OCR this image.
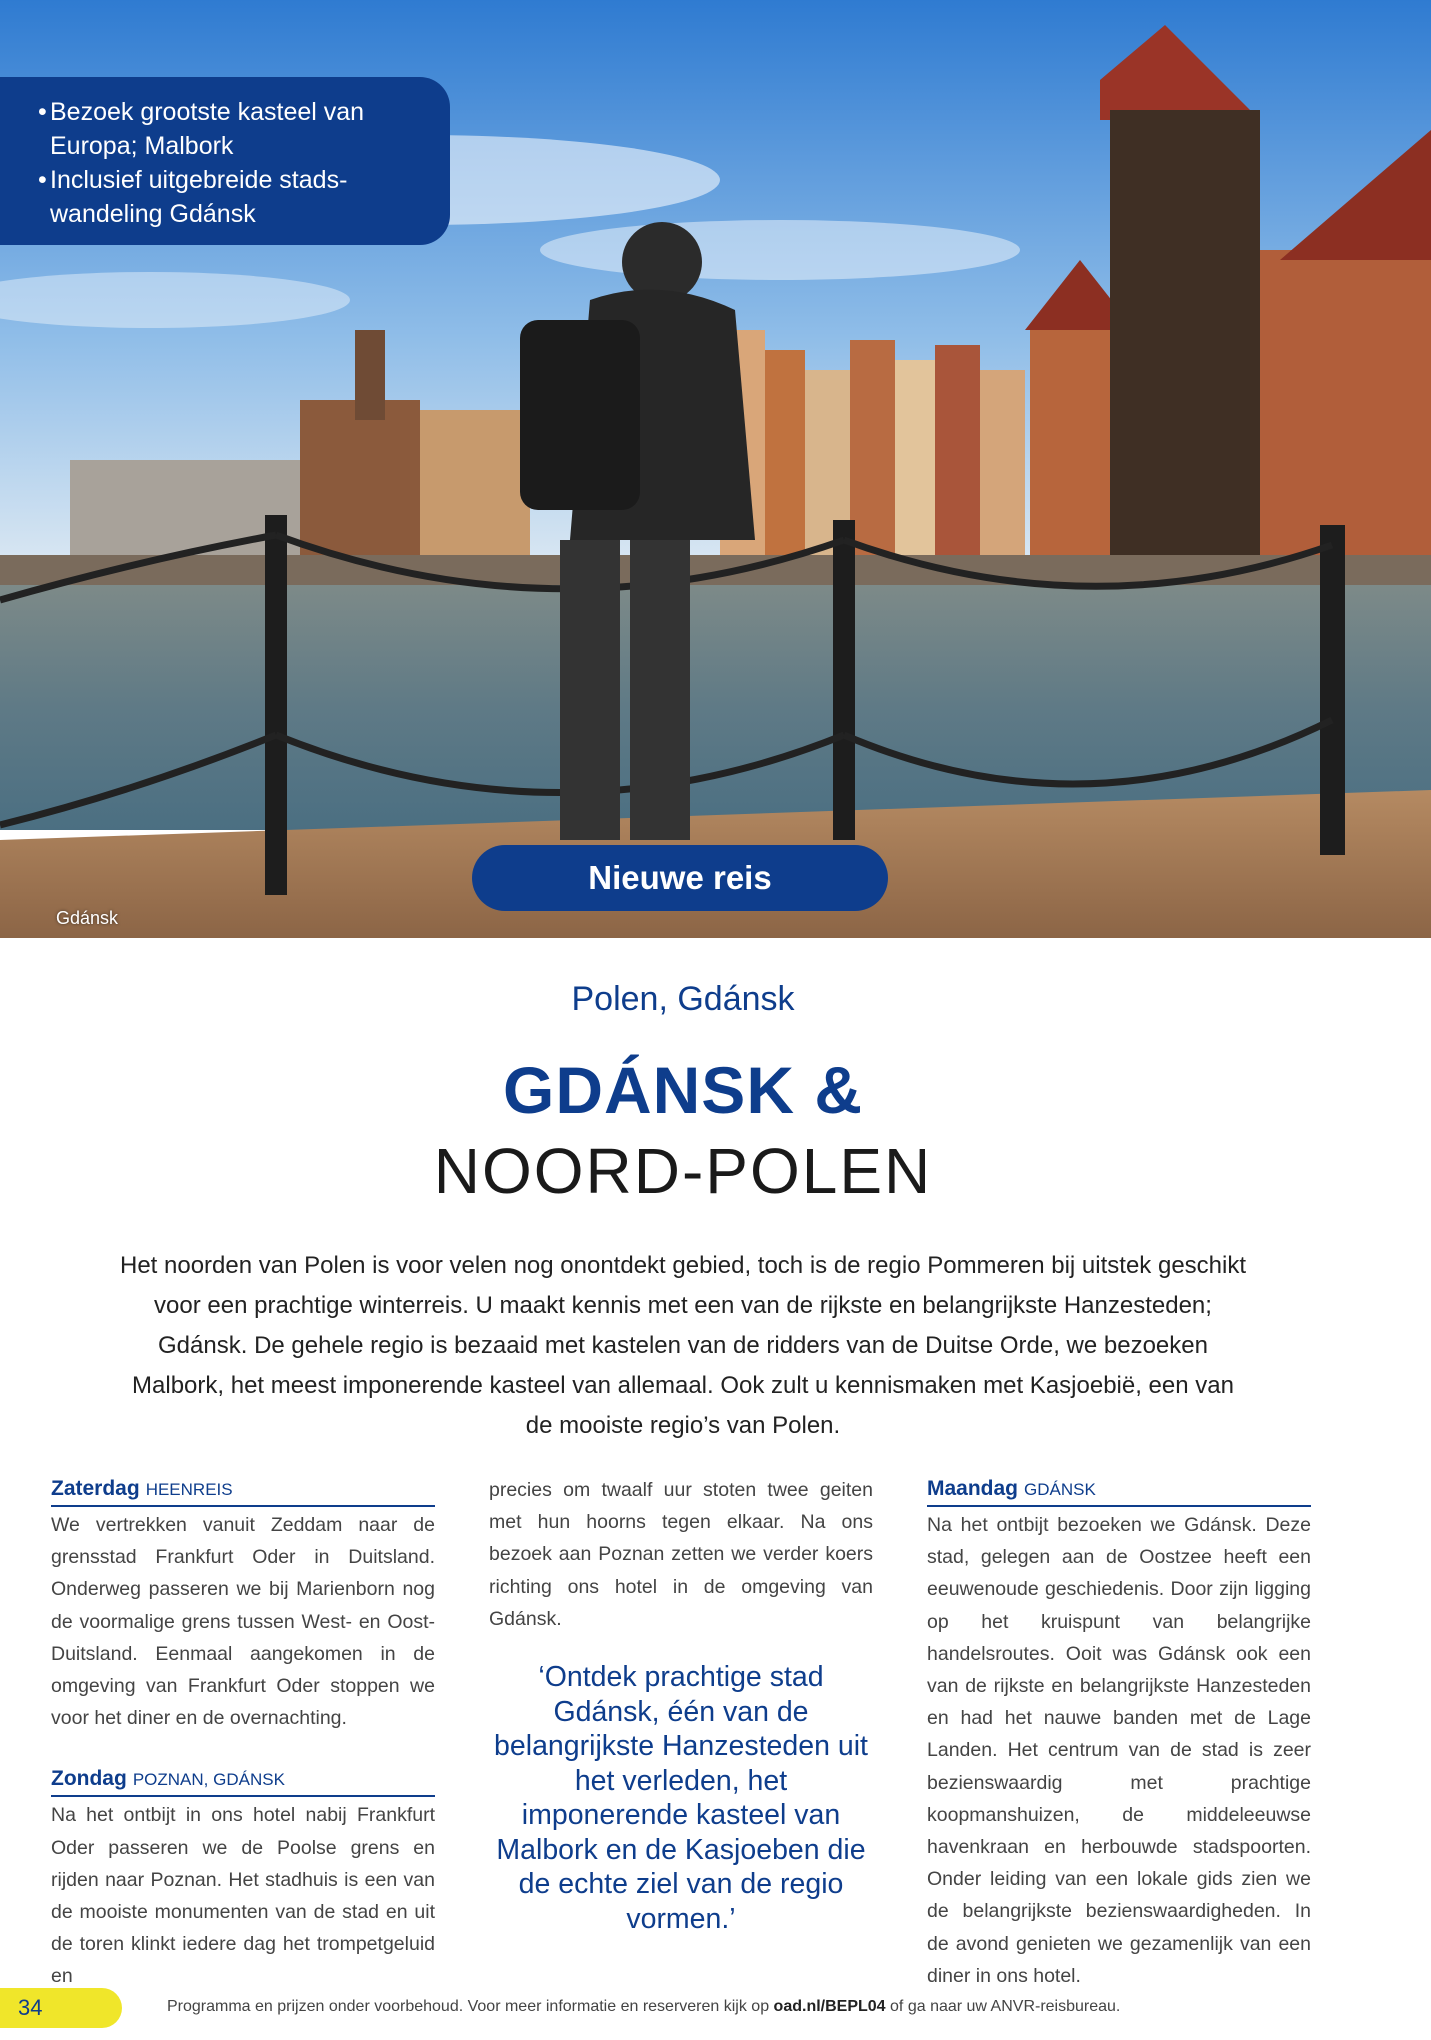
• Bezoek grootste kasteel van Europa; Malbork
• Inclusief uitgebreide stadswandeling Gdánsk
Nieuwe reis
Gdánsk
Polen, Gdánsk
GDÁNSK &
NOORD-POLEN
Het noorden van Polen is voor velen nog onontdekt gebied, toch is de regio Pommeren bij uitstek geschikt voor een prachtige winterreis. U maakt kennis met een van de rijkste en belangrijkste Hanzesteden; Gdánsk. De gehele regio is bezaaid met kastelen van de ridders van de Duitse Orde, we bezoeken Malbork, het meest imponerende kasteel van allemaal. Ook zult u kennismaken met Kasjoebië, een van de mooiste regio’s van Polen.
Zaterdag HEENREIS

We vertrekken vanuit Zeddam naar de grensstad Frankfurt Oder in Duitsland. Onderweg passeren we bij Marienborn nog de voormalige grens tussen West- en Oost-Duitsland. Eenmaal aangekomen in de omgeving van Frankfurt Oder stoppen we voor het diner en de overnachting.

Zondag POZNAN, GDÁNSK

Na het ontbijt in ons hotel nabij Frankfurt Oder passeren we de Poolse grens en rijden naar Poznan. Het stadhuis is een van de mooiste monumenten van de stad en uit de toren klinkt iedere dag het trompetgeluid en

precies om twaalf uur stoten twee geiten met hun hoorns tegen elkaar. Na ons bezoek aan Poznan zetten we verder koers richting ons hotel in de omgeving van Gdánsk.

‘Ontdek prachtige stad Gdánsk, één van de belangrijkste Hanzesteden uit het verleden, het imponerende kasteel van Malbork en de Kasjoeben die de echte ziel van de regio vormen.’
Maandag GDÁNSK

Na het ontbijt bezoeken we Gdánsk. Deze stad, gelegen aan de Oostzee heeft een eeuwenoude geschiedenis. Door zijn ligging op het kruispunt van belangrijke handelsroutes. Ooit was Gdánsk ook een van de rijkste en belangrijkste Hanzesteden en had het nauwe banden met de Lage Landen. Het centrum van de stad is zeer bezienswaardig met prachtige koopmanshuizen, de middeleeuwse havenkraan en herbouwde stadspoorten. Onder leiding van een lokale gids zien we de belangrijkste bezienswaardigheden. In de avond genieten we gezamenlijk van een diner in ons hotel.

34	Programma en prijzen onder voorbehoud. Voor meer informatie en reserveren kijk op oad.nl/BEPL04 of ga naar uw ANVR-reisbureau.
